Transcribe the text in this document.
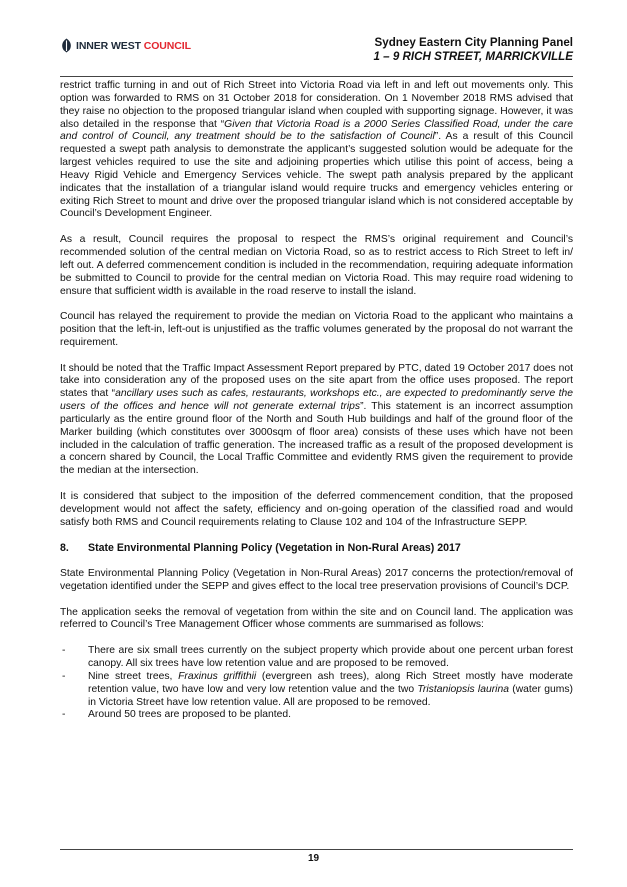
INNER WEST COUNCIL	Sydney Eastern City Planning Panel
1 – 9 RICH STREET, MARRICKVILLE

restrict traffic turning in and out of Rich Street into Victoria Road via left in and left out movements only. This option was forwarded to RMS on 31 October 2018 for consideration. On 1 November 2018 RMS advised that they raise no objection to the proposed triangular island when coupled with supporting signage. However, it was also detailed in the response that “Given that Victoria Road is a 2000 Series Classified Road, under the care and control of Council, any treatment should be to the satisfaction of Council”. As a result of this Council requested a swept path analysis to demonstrate the applicant’s suggested solution would be adequate for the largest vehicles required to use the site and adjoining properties which utilise this point of access, being a Heavy Rigid Vehicle and Emergency Services vehicle. The swept path analysis prepared by the applicant indicates that the installation of a triangular island would require trucks and emergency vehicles entering or exiting Rich Street to mount and drive over the proposed triangular island which is not considered acceptable by Council’s Development Engineer.

As a result, Council requires the proposal to respect the RMS’s original requirement and Council’s recommended solution of the central median on Victoria Road, so as to restrict access to Rich Street to left in/ left out. A deferred commencement condition is included in the recommendation, requiring adequate information be submitted to Council to provide for the central median on Victoria Road. This may require road widening to ensure that sufficient width is available in the road reserve to install the island.

Council has relayed the requirement to provide the median on Victoria Road to the applicant who maintains a position that the left-in, left-out is unjustified as the traffic volumes generated by the proposal do not warrant the requirement.

It should be noted that the Traffic Impact Assessment Report prepared by PTC, dated 19 October 2017 does not take into consideration any of the proposed uses on the site apart from the office uses proposed. The report states that “ancillary uses such as cafes, restaurants, workshops etc., are expected to predominantly serve the users of the offices and hence will not generate external trips”. This statement is an incorrect assumption particularly as the entire ground floor of the North and South Hub buildings and half of the ground floor of the Marker building (which constitutes over 3000sqm of floor area) consists of these uses which have not been included in the calculation of traffic generation. The increased traffic as a result of the proposed development is a concern shared by Council, the Local Traffic Committee and evidently RMS given the requirement to provide the median at the intersection.

It is considered that subject to the imposition of the deferred commencement condition, that the proposed development would not affect the safety, efficiency and on-going operation of the classified road and would satisfy both RMS and Council requirements relating to Clause 102 and 104 of the Infrastructure SEPP.

8.	State Environmental Planning Policy (Vegetation in Non-Rural Areas) 2017

State Environmental Planning Policy (Vegetation in Non-Rural Areas) 2017 concerns the protection/removal of vegetation identified under the SEPP and gives effect to the local tree preservation provisions of Council’s DCP.

The application seeks the removal of vegetation from within the site and on Council land. The application was referred to Council’s Tree Management Officer whose comments are summarised as follows:

- There are six small trees currently on the subject property which provide about one percent urban forest canopy. All six trees have low retention value and are proposed to be removed.
- Nine street trees, Fraxinus griffithii (evergreen ash trees), along Rich Street mostly have moderate retention value, two have low and very low retention value and the two Tristaniopsis laurina (water gums) in Victoria Street have low retention value. All are proposed to be removed.
- Around 50 trees are proposed to be planted.
19
